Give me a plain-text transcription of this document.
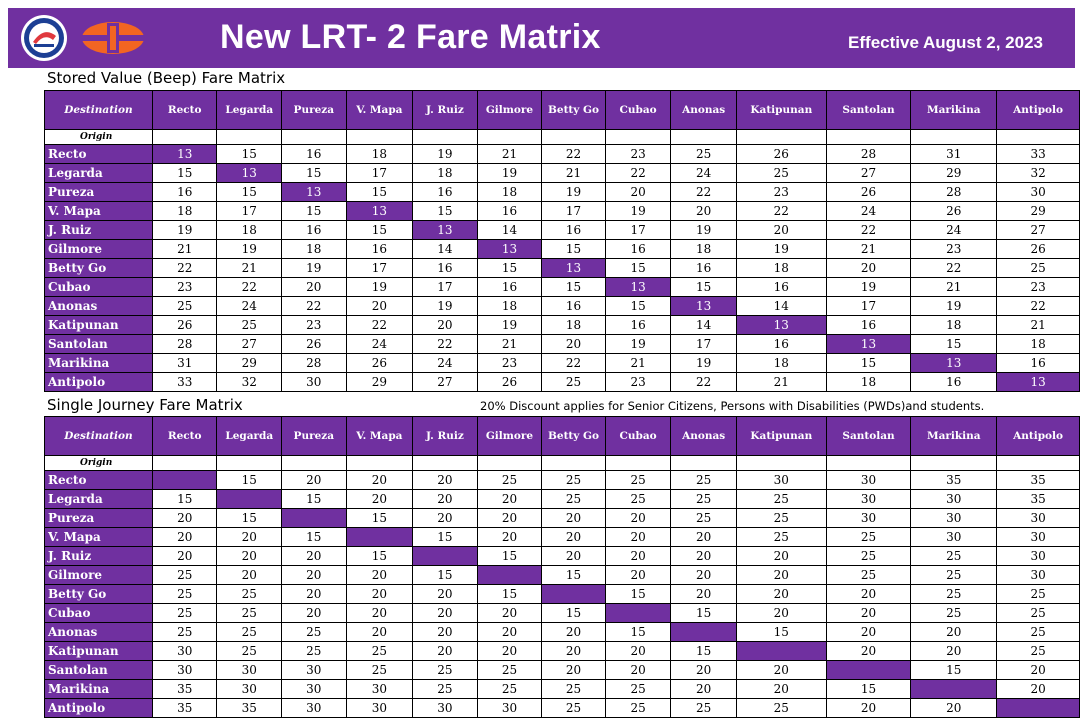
New LRT- 2 Fare Matrix	Effective August 2, 2023
Stored Value (Beep) Fare Matrix
Destination	Recto	Legarda	Pureza	V. Mapa	J. Ruiz	Gilmore	Betty Go	Cubao	Anonas	Katipunan	Santolan	Marikina	Antipolo
Origin													
Recto	13	15	16	18	19	21	22	23	25	26	28	31	33
Legarda	15	13	15	17	18	19	21	22	24	25	27	29	32
Pureza	16	15	13	15	16	18	19	20	22	23	26	28	30
V. Mapa	18	17	15	13	15	16	17	19	20	22	24	26	29
J. Ruiz	19	18	16	15	13	14	16	17	19	20	22	24	27
Gilmore	21	19	18	16	14	13	15	16	18	19	21	23	26
Betty Go	22	21	19	17	16	15	13	15	16	18	20	22	25
Cubao	23	22	20	19	17	16	15	13	15	16	19	21	23
Anonas	25	24	22	20	19	18	16	15	13	14	17	19	22
Katipunan	26	25	23	22	20	19	18	16	14	13	16	18	21
Santolan	28	27	26	24	22	21	20	19	17	16	13	15	18
Marikina	31	29	28	26	24	23	22	21	19	18	15	13	16
Antipolo	33	32	30	29	27	26	25	23	22	21	18	16	13
Single Journey Fare Matrix	20% Discount applies for Senior Citizens, Persons with Disabilities (PWDs)and students.
Destination	Recto	Legarda	Pureza	V. Mapa	J. Ruiz	Gilmore	Betty Go	Cubao	Anonas	Katipunan	Santolan	Marikina	Antipolo
Origin													
Recto		15	20	20	20	25	25	25	25	30	30	35	35
Legarda	15		15	20	20	20	25	25	25	25	30	30	35
Pureza	20	15		15	20	20	20	20	25	25	30	30	30
V. Mapa	20	20	15		15	20	20	20	20	25	25	30	30
J. Ruiz	20	20	20	15		15	20	20	20	20	25	25	30
Gilmore	25	20	20	20	15		15	20	20	20	25	25	30
Betty Go	25	25	20	20	20	15		15	20	20	20	25	25
Cubao	25	25	20	20	20	20	15		15	20	20	25	25
Anonas	25	25	25	20	20	20	20	15		15	20	20	25
Katipunan	30	25	25	25	20	20	20	20	15		20	20	25
Santolan	30	30	30	25	25	25	20	20	20	20		15	20
Marikina	35	30	30	30	25	25	25	25	20	20	15		20
Antipolo	35	35	30	30	30	30	25	25	25	25	20	20	
